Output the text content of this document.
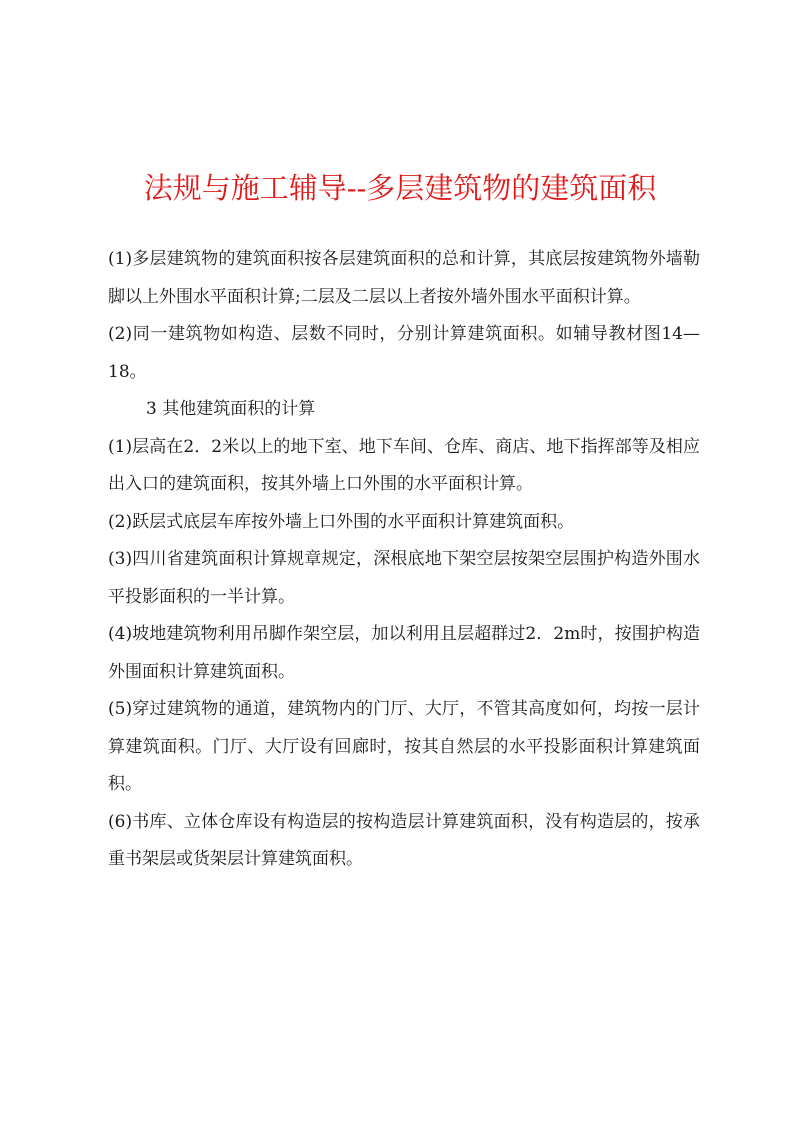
法规与施工辅导--多层建筑物的建筑面积

(1)多层建筑物的建筑面积按各层建筑面积的总和计算，其底层按建筑物外墙勒脚以上外围水平面积计算;二层及二层以上者按外墙外围水平面积计算。

(2)同一建筑物如构造、层数不同时，分别计算建筑面积。如辅导教材图14—18。

3 其他建筑面积的计算

(1)层高在2．2米以上的地下室、地下车间、仓库、商店、地下指挥部等及相应出入口的建筑面积，按其外墙上口外围的水平面积计算。

(2)跃层式底层车库按外墙上口外围的水平面积计算建筑面积。

(3)四川省建筑面积计算规章规定，深根底地下架空层按架空层围护构造外围水平投影面积的一半计算。

(4)坡地建筑物利用吊脚作架空层，加以利用且层超群过2．2m时，按围护构造外围面积计算建筑面积。

(5)穿过建筑物的通道，建筑物内的门厅、大厅，不管其高度如何，均按一层计算建筑面积。门厅、大厅设有回廊时，按其自然层的水平投影面积计算建筑面积。

(6)书库、立体仓库设有构造层的按构造层计算建筑面积，没有构造层的，按承重书架层或货架层计算建筑面积。
